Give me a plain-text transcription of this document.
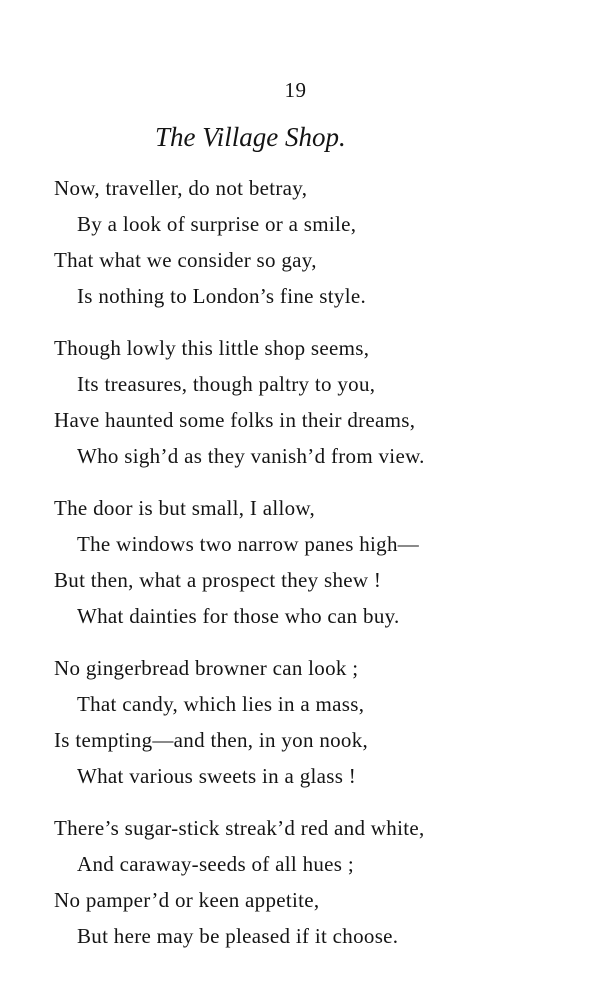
19
The Village Shop.
Now, traveller, do not betray,
By a look of surprise or a smile,
That what we consider so gay,
Is nothing to London’s fine style.
Though lowly this little shop seems,
Its treasures, though paltry to you,
Have haunted some folks in their dreams,
Who sigh’d as they vanish’d from view.
The door is but small, I allow,
The windows two narrow panes high—
But then, what a prospect they shew !
What dainties for those who can buy.
No gingerbread browner can look ;
That candy, which lies in a mass,
Is tempting—and then, in yon nook,
What various sweets in a glass !
There’s sugar-stick streak’d red and white,
And caraway-seeds of all hues ;
No pamper’d or keen appetite,
But here may be pleased if it choose.
